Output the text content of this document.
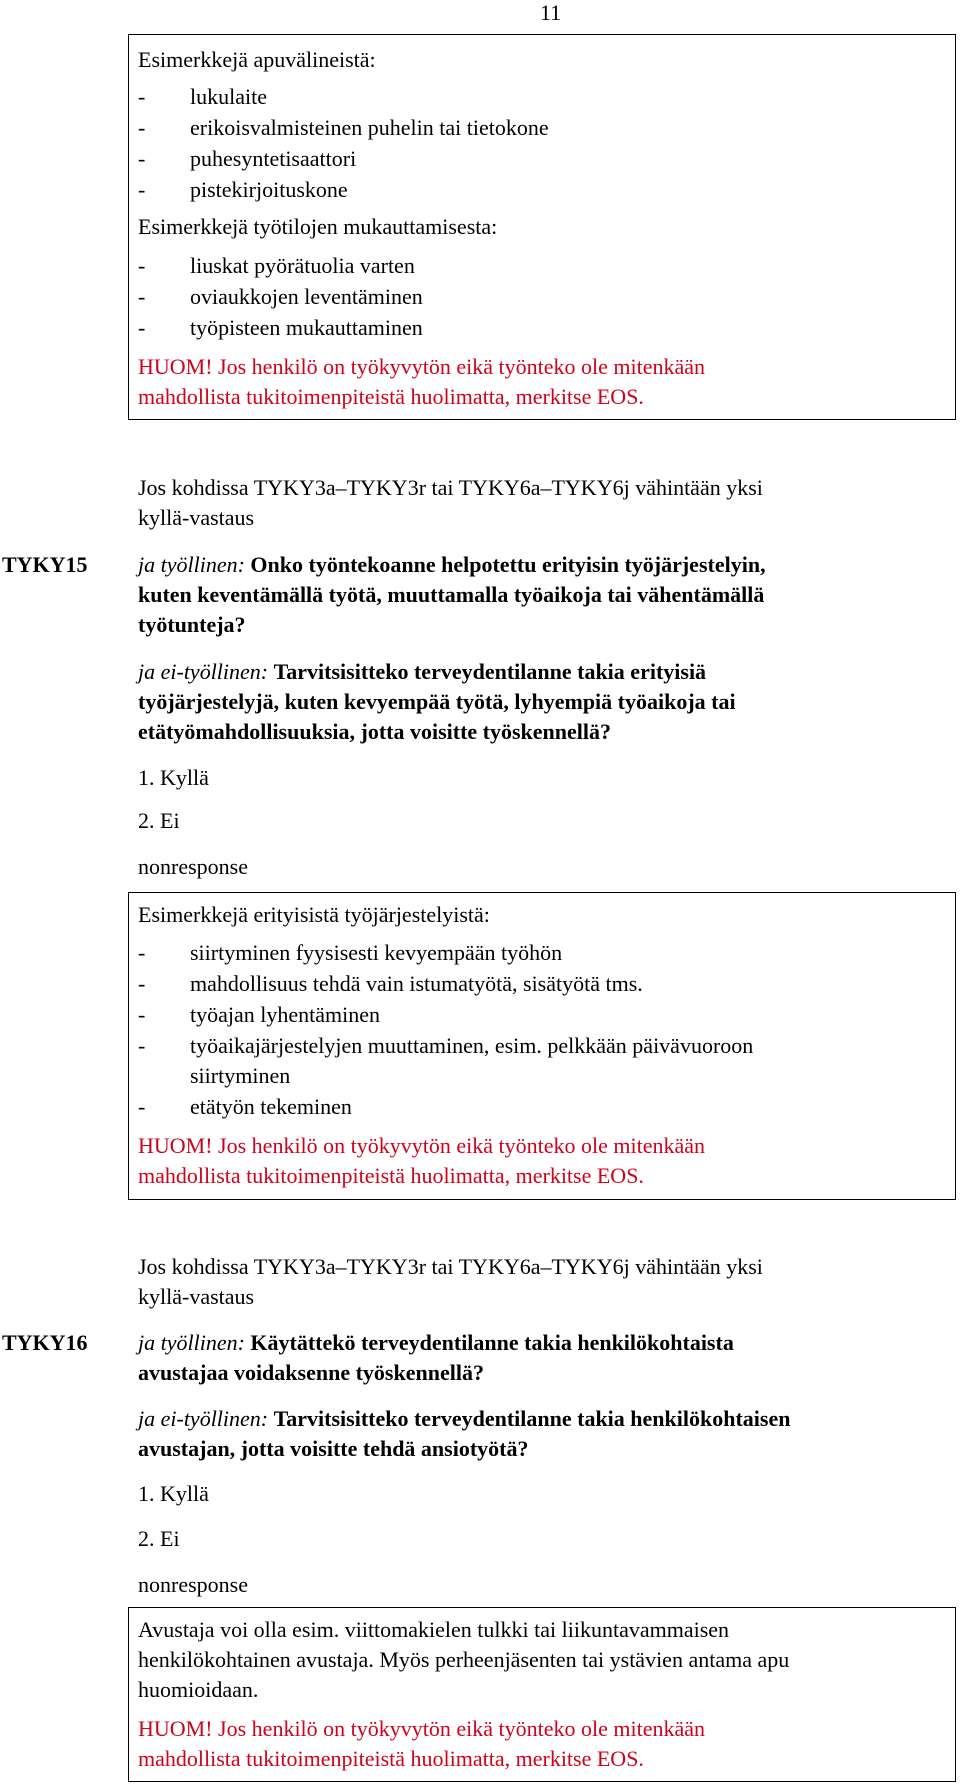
11
Esimerkkejä apuvälineistä:
- lukulaite
- erikoisvalmisteinen puhelin tai tietokone
- puhesyntetisaattori
- pistekirjoituskone
Esimerkkejä työtilojen mukauttamisesta:
- liuskat pyörätuolia varten
- oviaukkojen leventäminen
- työpisteen mukauttaminen
HUOM! Jos henkilö on työkyvytön eikä työnteko ole mitenkään
mahdollista tukitoimenpiteistä huolimatta, merkitse EOS.
Jos kohdissa TYKY3a–TYKY3r tai TYKY6a–TYKY6j vähintään yksi
kyllä-vastaus
TYKY15 ja työllinen: Onko työntekoanne helpotettu erityisin työjärjestelyin,
kuten keventämällä työtä, muuttamalla työaikoja tai vähentämällä
työtunteja?
ja ei-työllinen: Tarvitsisitteko terveydentilanne takia erityisiä
työjärjestelyjä, kuten kevyempää työtä, lyhyempiä työaikoja tai
etätyömahdollisuuksia, jotta voisitte työskennellä?
1. Kyllä
2. Ei
nonresponse
Esimerkkejä erityisistä työjärjestelyistä:
- siirtyminen fyysisesti kevyempään työhön
- mahdollisuus tehdä vain istumatyötä, sisätyötä tms.
- työajan lyhentäminen
- työaikajärjestelyjen muuttaminen, esim. pelkkään päivävuoroon
siirtyminen
- etätyön tekeminen
HUOM! Jos henkilö on työkyvytön eikä työnteko ole mitenkään
mahdollista tukitoimenpiteistä huolimatta, merkitse EOS.
Jos kohdissa TYKY3a–TYKY3r tai TYKY6a–TYKY6j vähintään yksi
kyllä-vastaus
TYKY16 ja työllinen: Käytättekö terveydentilanne takia henkilökohtaista
avustajaa voidaksenne työskennellä?
ja ei-työllinen: Tarvitsisitteko terveydentilanne takia henkilökohtaisen
avustajan, jotta voisitte tehdä ansiotyötä?
1. Kyllä
2. Ei
nonresponse
Avustaja voi olla esim. viittomakielen tulkki tai liikuntavammaisen
henkilökohtainen avustaja. Myös perheenjäsenten tai ystävien antama apu
huomioidaan.
HUOM! Jos henkilö on työkyvytön eikä työnteko ole mitenkään
mahdollista tukitoimenpiteistä huolimatta, merkitse EOS.
